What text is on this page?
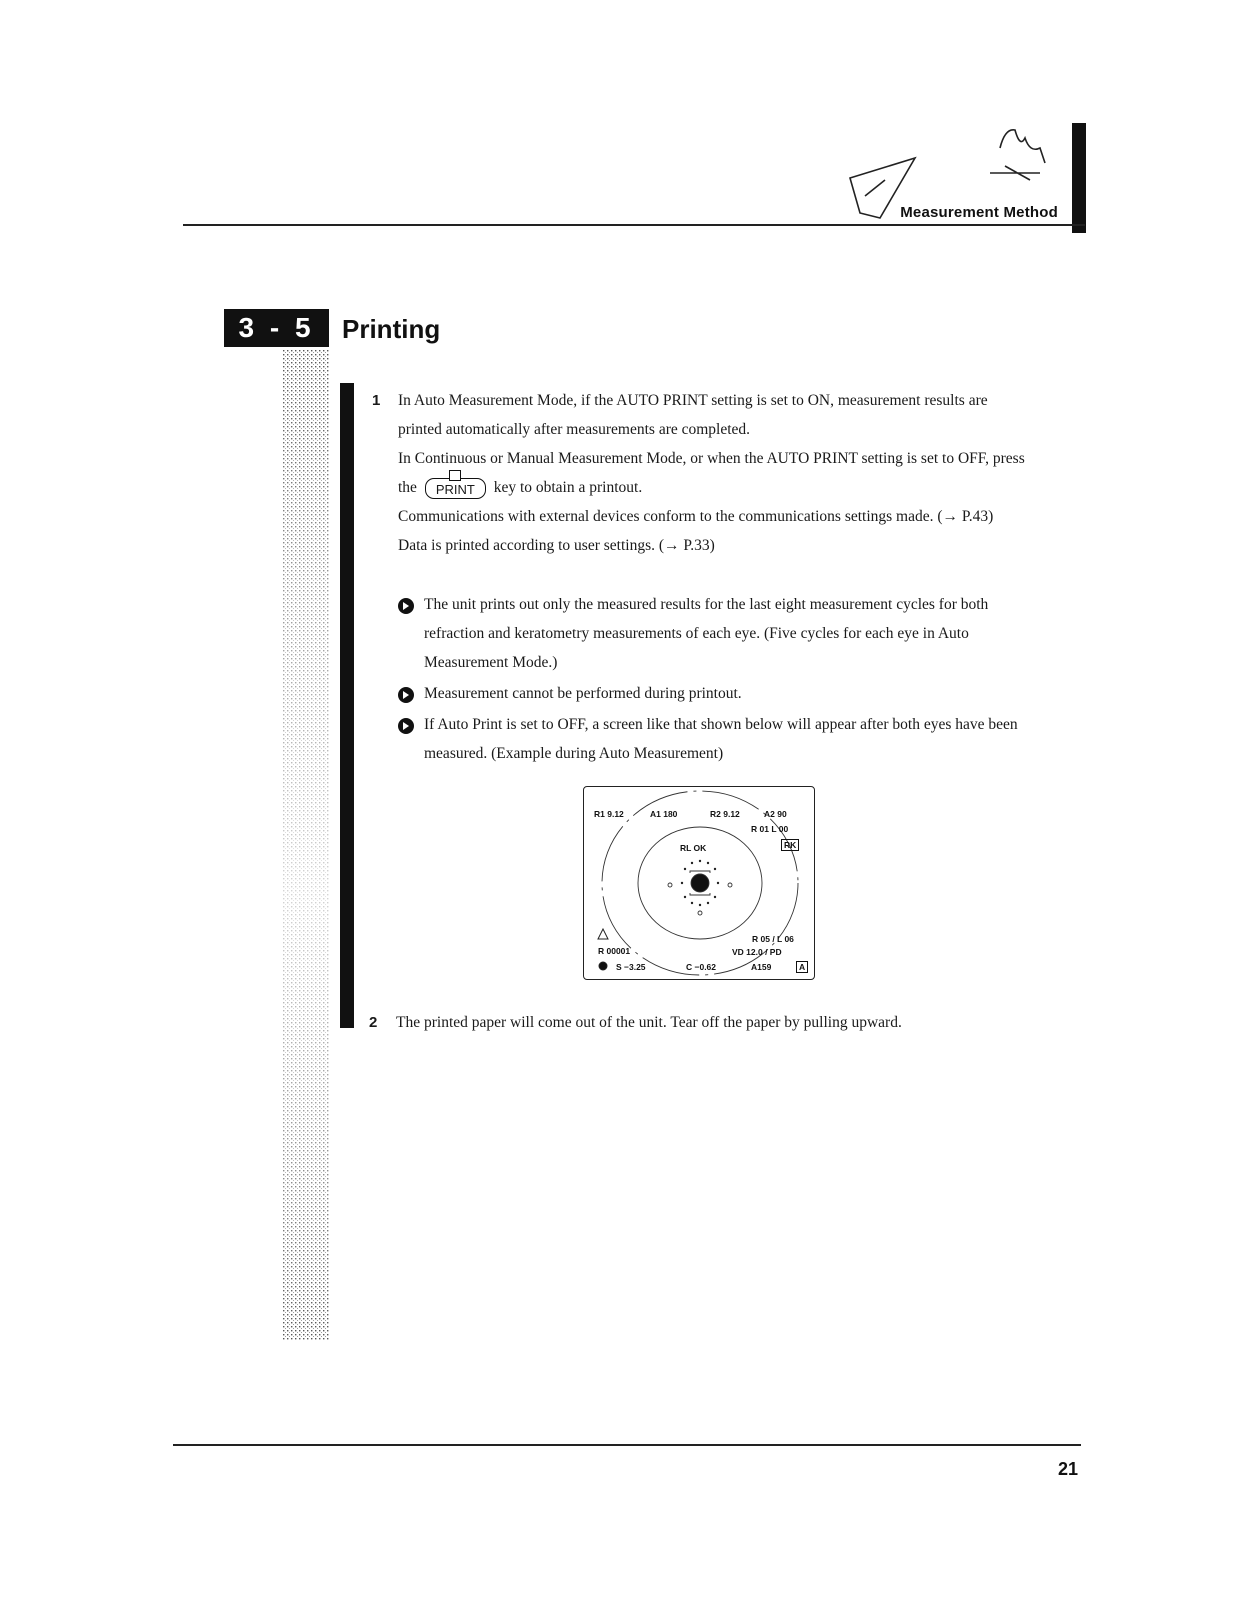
Measurement Method
3 - 5	Printing
1 In Auto Measurement Mode, if the AUTO PRINT setting is set to ON, measurement results are
printed automatically after measurements are completed.
In Continuous or Manual Measurement Mode, or when the AUTO PRINT setting is set to OFF, press
the PRINT key to obtain a printout.
Communications with external devices conform to the communications settings made. (→ P.43)
Data is printed according to user settings. (→ P.33)
The unit prints out only the measured results for the last eight measurement cycles for both
refraction and keratometry measurements of each eye. (Five cycles for each eye in Auto
Measurement Mode.)
Measurement cannot be performed during printout.
If Auto Print is set to OFF, a screen like that shown below will appear after both eyes have been
measured. (Example during Auto Measurement)
R1 9.12	A1 180	R2 9.12	A2 90
R 01 L 00
RK
RL OK
R 05 / L 06
VD 12.0 / PD
R 00001
S −3.25	C −0.62	A159	A
2 The printed paper will come out of the unit. Tear off the paper by pulling upward.
21
